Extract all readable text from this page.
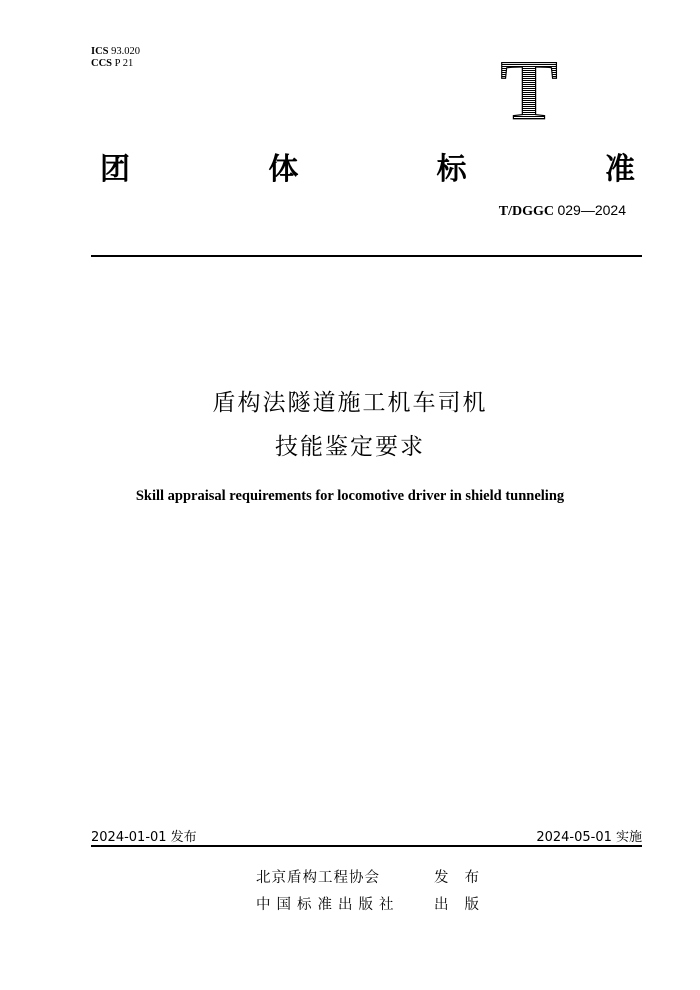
ICS 93.020
CCS P 21	T
团	体	标	准
T/DGGC 029—2024
盾构法隧道施工机车司机
技能鉴定要求
Skill appraisal requirements for locomotive driver in shield tunneling
2024-01-01 发布	2024-05-01 实施
北京盾构工程协会	发布
中国标准出版社 出版
